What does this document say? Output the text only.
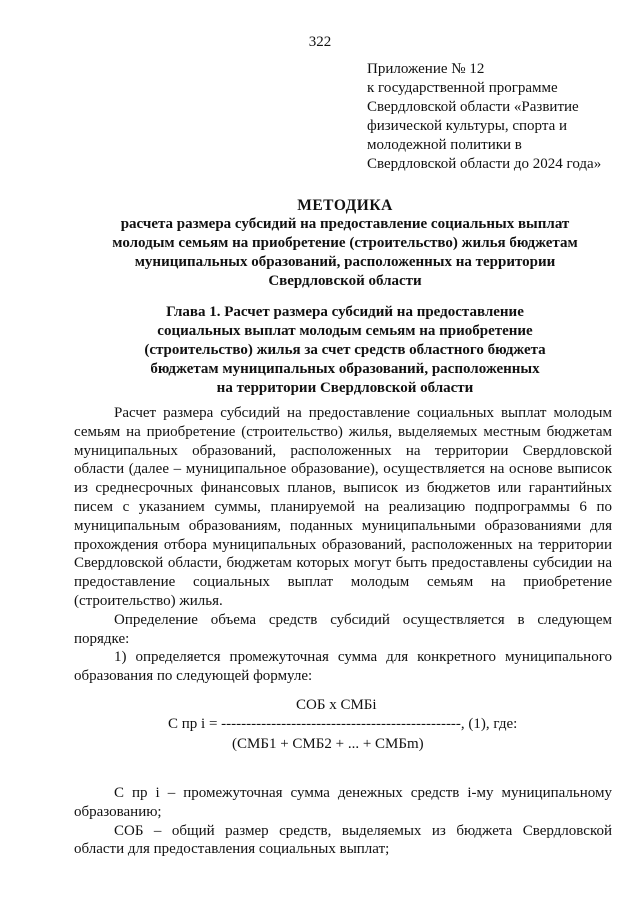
322
Приложение № 12
к государственной программе
Свердловской области «Развитие
физической культуры, спорта и
молодежной политики в
Свердловской области до 2024 года»
МЕТОДИКА
расчета размера субсидий на предоставление социальных выплат
молодым семьям на приобретение (строительство) жилья бюджетам
муниципальных образований, расположенных на территории
Свердловской области
Глава 1. Расчет размера субсидий на предоставление
социальных выплат молодым семьям на приобретение
(строительство) жилья за счет средств областного бюджета
бюджетам муниципальных образований, расположенных
на территории Свердловской области

Расчет размера субсидий на предоставление социальных выплат молодым семьям на приобретение (строительство) жилья, выделяемых местным бюджетам муниципальных образований, расположенных на территории Свердловской области (далее – муниципальное образование), осуществляется на основе выписок из среднесрочных финансовых планов, выписок из бюджетов или гарантийных писем с указанием суммы, планируемой на реализацию подпрограммы 6 по муниципальным образованиям, поданных муниципальными образованиями для прохождения отбора муниципальных образований, расположенных на территории Свердловской области, бюджетам которых могут быть предоставлены субсидии на предоставление социальных выплат молодым семьям на приобретение (строительство) жилья.

Определение объема средств субсидий осуществляется в следующем порядке:

1) определяется промежуточная сумма для конкретного муниципального образования по следующей формуле:

СОБ х СМБi
С пр i = ------------------------------------------------, (1), где:
(СМБ1 + СМБ2 + ... + СМБm)

С пр i – промежуточная сумма денежных средств i-му муниципальному образованию;

СОБ – общий размер средств, выделяемых из бюджета Свердловской области для предоставления социальных выплат;
